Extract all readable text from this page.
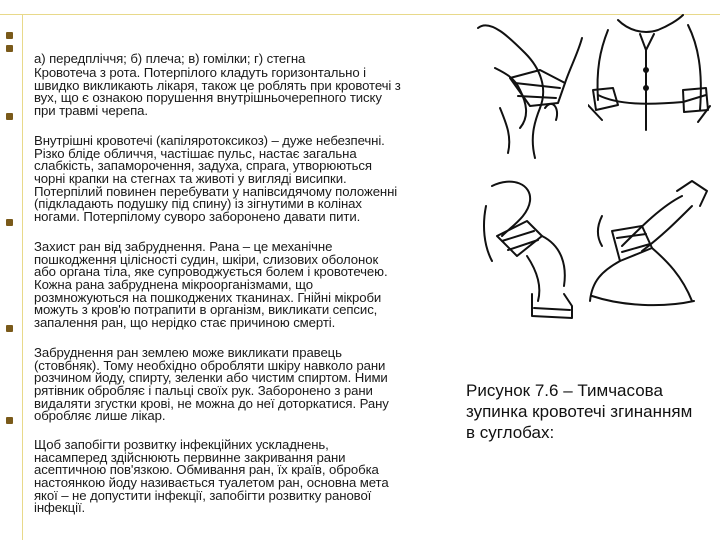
а) передпліччя; б) плеча; в) гомілки; г) стегна

Кровотеча з рота. Потерпілого кладуть горизонтально і
швидко викликають лікаря, також це роблять при кровотечі з
вух, що є ознакою порушення внутрішньочерепного тиску
при травмі черепа.

Внутрішні кровотечі (капіляротоксикоз) – дуже небезпечні.
Різко бліде обличчя, частішає пульс, настає загальна
слабкість, запаморочення, задуха, спрага, утворюються
чорні крапки на стегнах та животі у вигляді висипки.
Потерпілий повинен перебувати у напівсидячому положенні
(підкладають подушку під спину) із зігнутими в колінах
ногами. Потерпілому суворо заборонено давати пити.

Захист ран від забруднення. Рана – це механічне
пошкодження цілісності судин, шкіри, слизових оболонок
або органа тіла, яке супроводжується болем і кровотечею.
Кожна рана забруднена мікроорганізмами, що
розмножуються на пошкоджених тканинах. Гнійні мікроби
можуть з кров'ю потрапити в організм, викликати сепсис,
запалення ран, що нерідко стає причиною смерті.

Забруднення ран землею може викликати правець
(стовбняк). Тому необхідно обробляти шкіру навколо рани
розчином йоду, спирту, зеленки або чистим спиртом. Ними
рятівник обробляє і пальці своїх рук. Забороненo з рани
видаляти згустки крові, не можна до неї доторкатися. Рану
обробляє лише лікар.

Щоб запобігти розвитку інфекційних ускладнень,
насамперед здійснюють первинне закривання рани
асептичною пов'язкою. Обмивання ран, їх країв, обробка
настоянкою йоду називається туалетом ран, основна мета
якої – не допустити інфекції, запобігти розвитку ранової
інфекції.

Рисунок 7.6 – Тимчасова
зупинка кровотечі згинанням
в суглобах:
